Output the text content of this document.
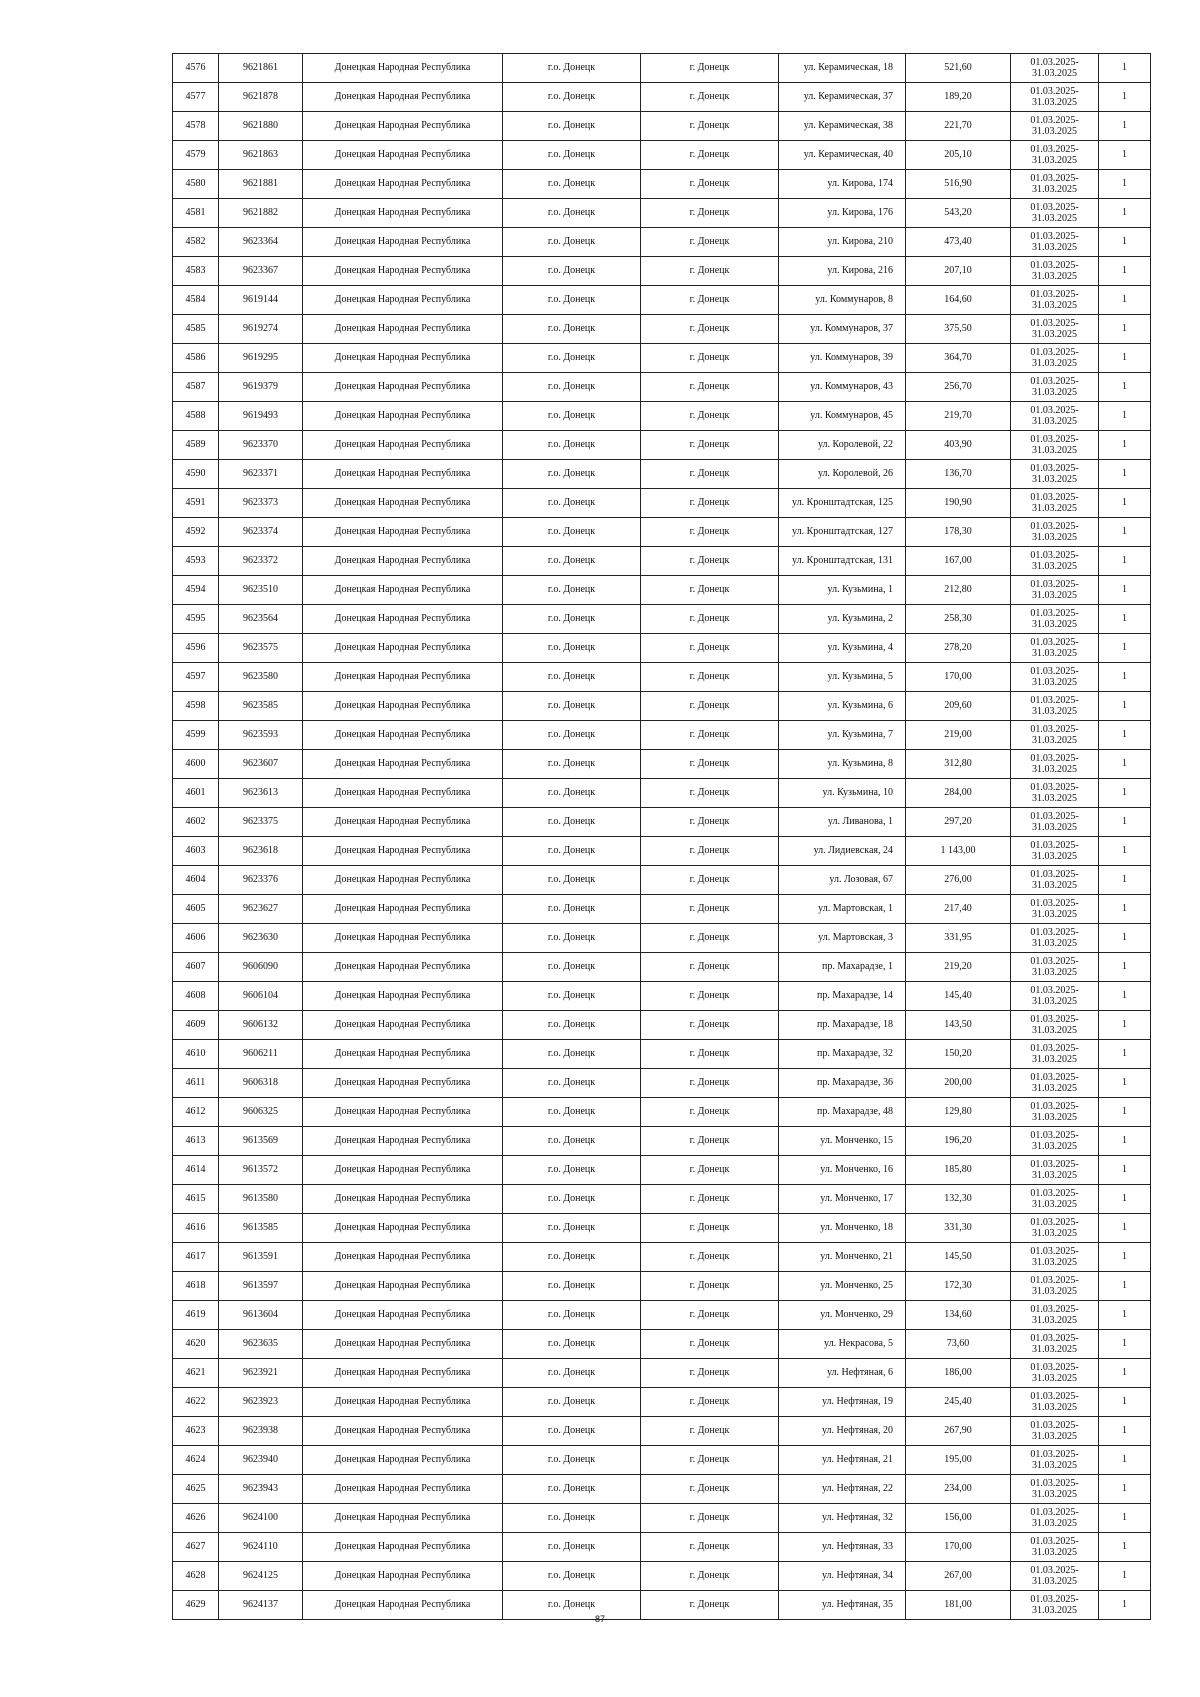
4576	9621861	Донецкая Народная Республика	г.о. Донецк	г. Донецк	ул. Керамическая, 18	521,60	01.03.2025-31.03.2025	1
4577	9621878	Донецкая Народная Республика	г.о. Донецк	г. Донецк	ул. Керамическая, 37	189,20	01.03.2025-31.03.2025	1
4578	9621880	Донецкая Народная Республика	г.о. Донецк	г. Донецк	ул. Керамическая, 38	221,70	01.03.2025-31.03.2025	1
4579	9621863	Донецкая Народная Республика	г.о. Донецк	г. Донецк	ул. Керамическая, 40	205,10	01.03.2025-31.03.2025	1
4580	9621881	Донецкая Народная Республика	г.о. Донецк	г. Донецк	ул. Кирова, 174	516,90	01.03.2025-31.03.2025	1
4581	9621882	Донецкая Народная Республика	г.о. Донецк	г. Донецк	ул. Кирова, 176	543,20	01.03.2025-31.03.2025	1
4582	9623364	Донецкая Народная Республика	г.о. Донецк	г. Донецк	ул. Кирова, 210	473,40	01.03.2025-31.03.2025	1
4583	9623367	Донецкая Народная Республика	г.о. Донецк	г. Донецк	ул. Кирова, 216	207,10	01.03.2025-31.03.2025	1
4584	9619144	Донецкая Народная Республика	г.о. Донецк	г. Донецк	ул. Коммунаров, 8	164,60	01.03.2025-31.03.2025	1
4585	9619274	Донецкая Народная Республика	г.о. Донецк	г. Донецк	ул. Коммунаров, 37	375,50	01.03.2025-31.03.2025	1
4586	9619295	Донецкая Народная Республика	г.о. Донецк	г. Донецк	ул. Коммунаров, 39	364,70	01.03.2025-31.03.2025	1
4587	9619379	Донецкая Народная Республика	г.о. Донецк	г. Донецк	ул. Коммунаров, 43	256,70	01.03.2025-31.03.2025	1
4588	9619493	Донецкая Народная Республика	г.о. Донецк	г. Донецк	ул. Коммунаров, 45	219,70	01.03.2025-31.03.2025	1
4589	9623370	Донецкая Народная Республика	г.о. Донецк	г. Донецк	ул. Королевой, 22	403,90	01.03.2025-31.03.2025	1
4590	9623371	Донецкая Народная Республика	г.о. Донецк	г. Донецк	ул. Королевой, 26	136,70	01.03.2025-31.03.2025	1
4591	9623373	Донецкая Народная Республика	г.о. Донецк	г. Донецк	ул. Кронштадтская, 125	190,90	01.03.2025-31.03.2025	1
4592	9623374	Донецкая Народная Республика	г.о. Донецк	г. Донецк	ул. Кронштадтская, 127	178,30	01.03.2025-31.03.2025	1
4593	9623372	Донецкая Народная Республика	г.о. Донецк	г. Донецк	ул. Кронштадтская, 131	167,00	01.03.2025-31.03.2025	1
4594	9623510	Донецкая Народная Республика	г.о. Донецк	г. Донецк	ул. Кузьмина, 1	212,80	01.03.2025-31.03.2025	1
4595	9623564	Донецкая Народная Республика	г.о. Донецк	г. Донецк	ул. Кузьмина, 2	258,30	01.03.2025-31.03.2025	1
4596	9623575	Донецкая Народная Республика	г.о. Донецк	г. Донецк	ул. Кузьмина, 4	278,20	01.03.2025-31.03.2025	1
4597	9623580	Донецкая Народная Республика	г.о. Донецк	г. Донецк	ул. Кузьмина, 5	170,00	01.03.2025-31.03.2025	1
4598	9623585	Донецкая Народная Республика	г.о. Донецк	г. Донецк	ул. Кузьмина, 6	209,60	01.03.2025-31.03.2025	1
4599	9623593	Донецкая Народная Республика	г.о. Донецк	г. Донецк	ул. Кузьмина, 7	219,00	01.03.2025-31.03.2025	1
4600	9623607	Донецкая Народная Республика	г.о. Донецк	г. Донецк	ул. Кузьмина, 8	312,80	01.03.2025-31.03.2025	1
4601	9623613	Донецкая Народная Республика	г.о. Донецк	г. Донецк	ул. Кузьмина, 10	284,00	01.03.2025-31.03.2025	1
4602	9623375	Донецкая Народная Республика	г.о. Донецк	г. Донецк	ул. Ливанова, 1	297,20	01.03.2025-31.03.2025	1
4603	9623618	Донецкая Народная Республика	г.о. Донецк	г. Донецк	ул. Лидиевская, 24	1 143,00	01.03.2025-31.03.2025	1
4604	9623376	Донецкая Народная Республика	г.о. Донецк	г. Донецк	ул. Лозовая, 67	276,00	01.03.2025-31.03.2025	1
4605	9623627	Донецкая Народная Республика	г.о. Донецк	г. Донецк	ул. Мартовская, 1	217,40	01.03.2025-31.03.2025	1
4606	9623630	Донецкая Народная Республика	г.о. Донецк	г. Донецк	ул. Мартовская, 3	331,95	01.03.2025-31.03.2025	1
4607	9606090	Донецкая Народная Республика	г.о. Донецк	г. Донецк	пр. Махарадзе, 1	219,20	01.03.2025-31.03.2025	1
4608	9606104	Донецкая Народная Республика	г.о. Донецк	г. Донецк	пр. Махарадзе, 14	145,40	01.03.2025-31.03.2025	1
4609	9606132	Донецкая Народная Республика	г.о. Донецк	г. Донецк	пр. Махарадзе, 18	143,50	01.03.2025-31.03.2025	1
4610	9606211	Донецкая Народная Республика	г.о. Донецк	г. Донецк	пр. Махарадзе, 32	150,20	01.03.2025-31.03.2025	1
4611	9606318	Донецкая Народная Республика	г.о. Донецк	г. Донецк	пр. Махарадзе, 36	200,00	01.03.2025-31.03.2025	1
4612	9606325	Донецкая Народная Республика	г.о. Донецк	г. Донецк	пр. Махарадзе, 48	129,80	01.03.2025-31.03.2025	1
4613	9613569	Донецкая Народная Республика	г.о. Донецк	г. Донецк	ул. Монченко, 15	196,20	01.03.2025-31.03.2025	1
4614	9613572	Донецкая Народная Республика	г.о. Донецк	г. Донецк	ул. Монченко, 16	185,80	01.03.2025-31.03.2025	1
4615	9613580	Донецкая Народная Республика	г.о. Донецк	г. Донецк	ул. Монченко, 17	132,30	01.03.2025-31.03.2025	1
4616	9613585	Донецкая Народная Республика	г.о. Донецк	г. Донецк	ул. Монченко, 18	331,30	01.03.2025-31.03.2025	1
4617	9613591	Донецкая Народная Республика	г.о. Донецк	г. Донецк	ул. Монченко, 21	145,50	01.03.2025-31.03.2025	1
4618	9613597	Донецкая Народная Республика	г.о. Донецк	г. Донецк	ул. Монченко, 25	172,30	01.03.2025-31.03.2025	1
4619	9613604	Донецкая Народная Республика	г.о. Донецк	г. Донецк	ул. Монченко, 29	134,60	01.03.2025-31.03.2025	1
4620	9623635	Донецкая Народная Республика	г.о. Донецк	г. Донецк	ул. Некрасова, 5	73,60	01.03.2025-31.03.2025	1
4621	9623921	Донецкая Народная Республика	г.о. Донецк	г. Донецк	ул. Нефтяная, 6	186,00	01.03.2025-31.03.2025	1
4622	9623923	Донецкая Народная Республика	г.о. Донецк	г. Донецк	ул. Нефтяная, 19	245,40	01.03.2025-31.03.2025	1
4623	9623938	Донецкая Народная Республика	г.о. Донецк	г. Донецк	ул. Нефтяная, 20	267,90	01.03.2025-31.03.2025	1
4624	9623940	Донецкая Народная Республика	г.о. Донецк	г. Донецк	ул. Нефтяная, 21	195,00	01.03.2025-31.03.2025	1
4625	9623943	Донецкая Народная Республика	г.о. Донецк	г. Донецк	ул. Нефтяная, 22	234,00	01.03.2025-31.03.2025	1
4626	9624100	Донецкая Народная Республика	г.о. Донецк	г. Донецк	ул. Нефтяная, 32	156,00	01.03.2025-31.03.2025	1
4627	9624110	Донецкая Народная Республика	г.о. Донецк	г. Донецк	ул. Нефтяная, 33	170,00	01.03.2025-31.03.2025	1
4628	9624125	Донецкая Народная Республика	г.о. Донецк	г. Донецк	ул. Нефтяная, 34	267,00	01.03.2025-31.03.2025	1
4629	9624137	Донецкая Народная Республика	г.о. Донецк	г. Донецк	ул. Нефтяная, 35	181,00	01.03.2025-31.03.2025	1
87
